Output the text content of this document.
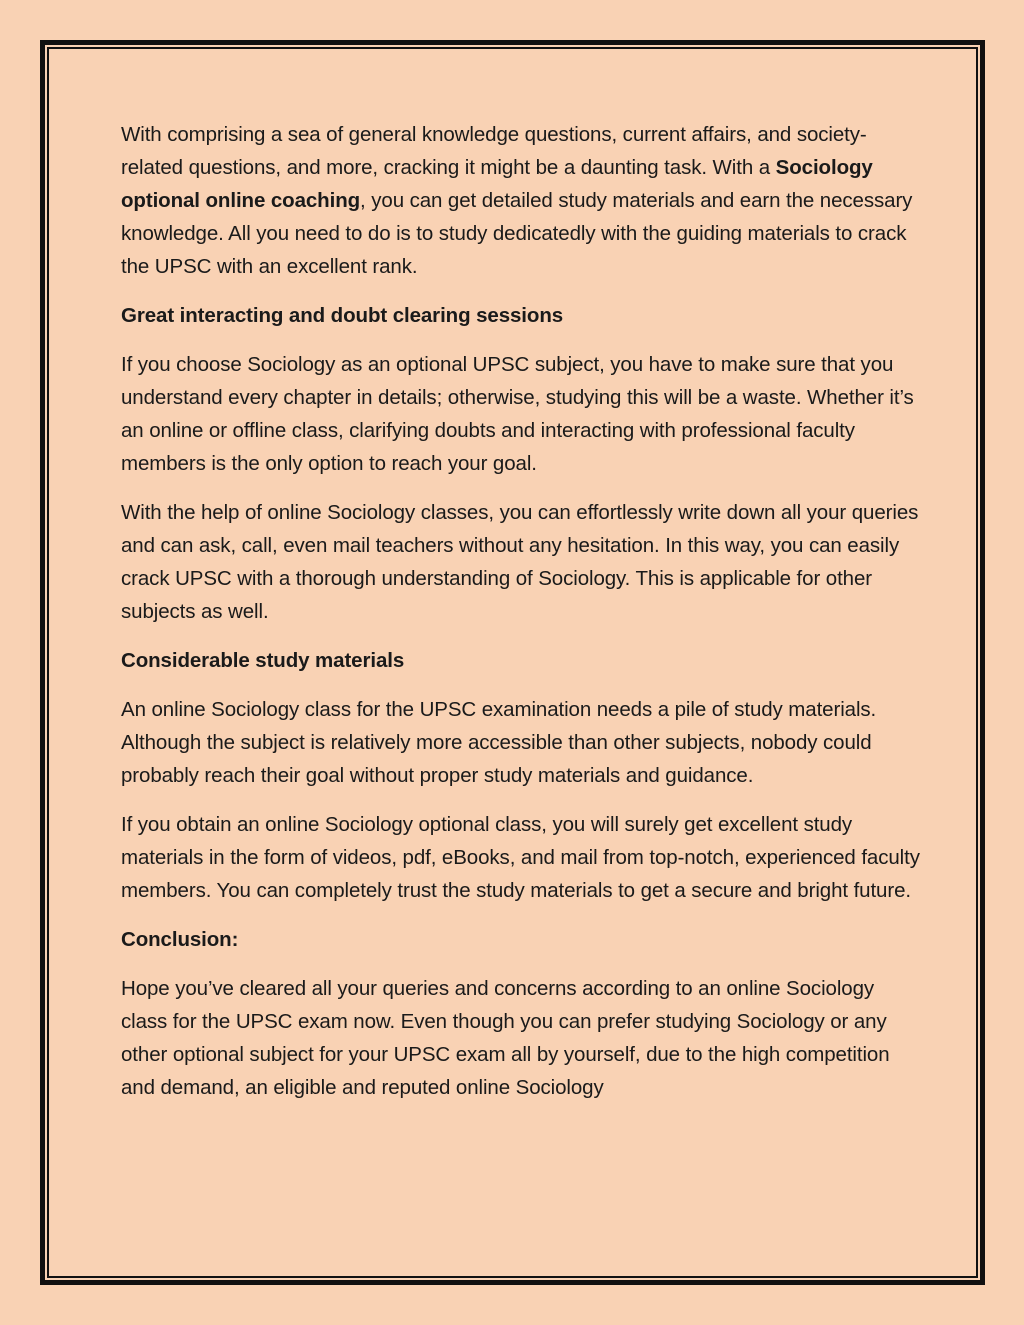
With comprising a sea of general knowledge questions, current affairs, and society-related questions, and more, cracking it might be a daunting task. With a Sociology optional online coaching, you can get detailed study materials and earn the necessary knowledge. All you need to do is to study dedicatedly with the guiding materials to crack the UPSC with an excellent rank.

Great interacting and doubt clearing sessions

If you choose Sociology as an optional UPSC subject, you have to make sure that you understand every chapter in details; otherwise, studying this will be a waste. Whether it’s an online or offline class, clarifying doubts and interacting with professional faculty members is the only option to reach your goal.

With the help of online Sociology classes, you can effortlessly write down all your queries and can ask, call, even mail teachers without any hesitation. In this way, you can easily crack UPSC with a thorough understanding of Sociology. This is applicable for other subjects as well.

Considerable study materials

An online Sociology class for the UPSC examination needs a pile of study materials. Although the subject is relatively more accessible than other subjects, nobody could probably reach their goal without proper study materials and guidance.

If you obtain an online Sociology optional class, you will surely get excellent study materials in the form of videos, pdf, eBooks, and mail from top-notch, experienced faculty members. You can completely trust the study materials to get a secure and bright future.

Conclusion:

Hope you’ve cleared all your queries and concerns according to an online Sociology class for the UPSC exam now. Even though you can prefer studying Sociology or any other optional subject for your UPSC exam all by yourself, due to the high competition and demand, an eligible and reputed online Sociology
